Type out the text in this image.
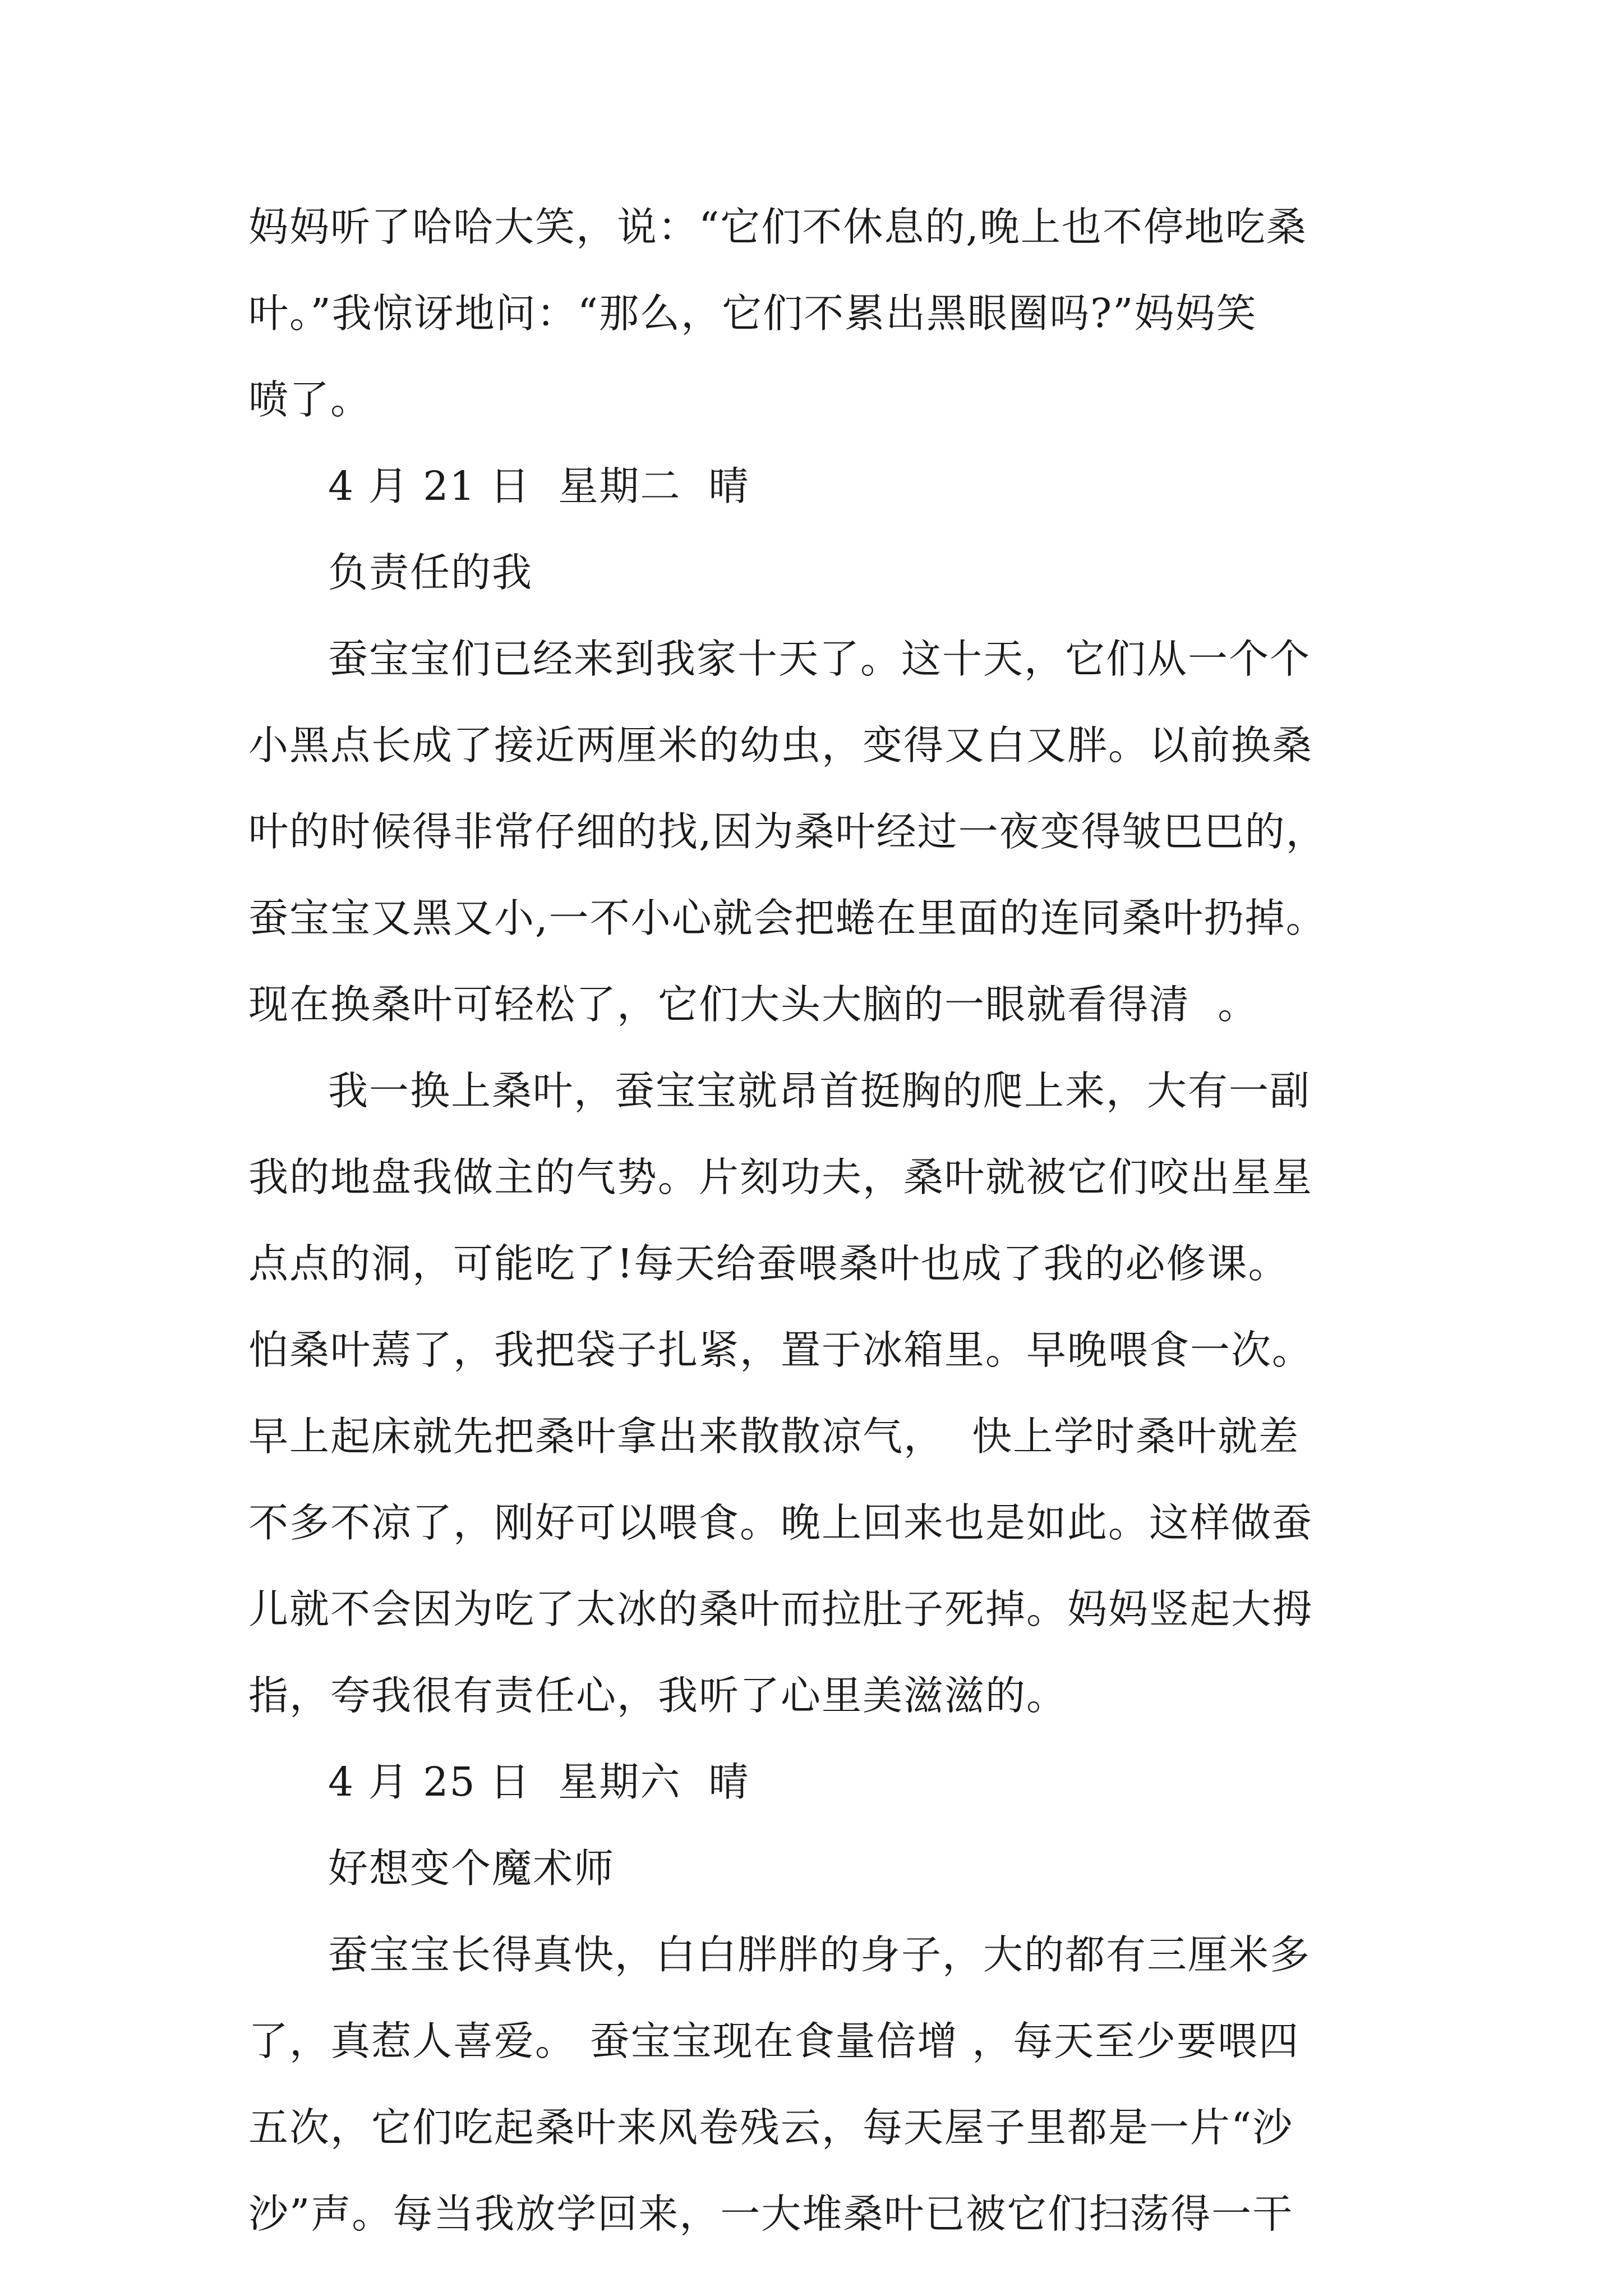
妈妈听了哈哈大笑，说：“它们不休息的,晚上也不停地吃桑

叶。”我惊讶地问：“那么，它们不累出黑眼圈吗?”妈妈笑

喷了。

4 月 21 日  星期二  晴

负责任的我

蚕宝宝们已经来到我家十天了。这十天，它们从一个个

小黑点长成了接近两厘米的幼虫，变得又白又胖。以前换桑

叶的时候得非常仔细的找,因为桑叶经过一夜变得皱巴巴的，

蚕宝宝又黑又小,一不小心就会把蜷在里面的连同桑叶扔掉。

现在换桑叶可轻松了，它们大头大脑的一眼就看得清  。

我一换上桑叶，蚕宝宝就昂首挺胸的爬上来，大有一副

我的地盘我做主的气势。片刻功夫，桑叶就被它们咬出星星

点点的洞，可能吃了!每天给蚕喂桑叶也成了我的必修课。

怕桑叶蔫了，我把袋子扎紧，置于冰箱里。早晚喂食一次。

早上起床就先把桑叶拿出来散散凉气，  快上学时桑叶就差

不多不凉了，刚好可以喂食。晚上回来也是如此。这样做蚕

儿就不会因为吃了太冰的桑叶而拉肚子死掉。妈妈竖起大拇

指，夸我很有责任心，我听了心里美滋滋的。

4 月 25 日  星期六  晴

好想变个魔术师

蚕宝宝长得真快，白白胖胖的身子，大的都有三厘米多

了，真惹人喜爱。 蚕宝宝现在食量倍增 ，每天至少要喂四

五次，它们吃起桑叶来风卷残云，每天屋子里都是一片“沙

沙”声。每当我放学回来，一大堆桑叶已被它们扫荡得一干
